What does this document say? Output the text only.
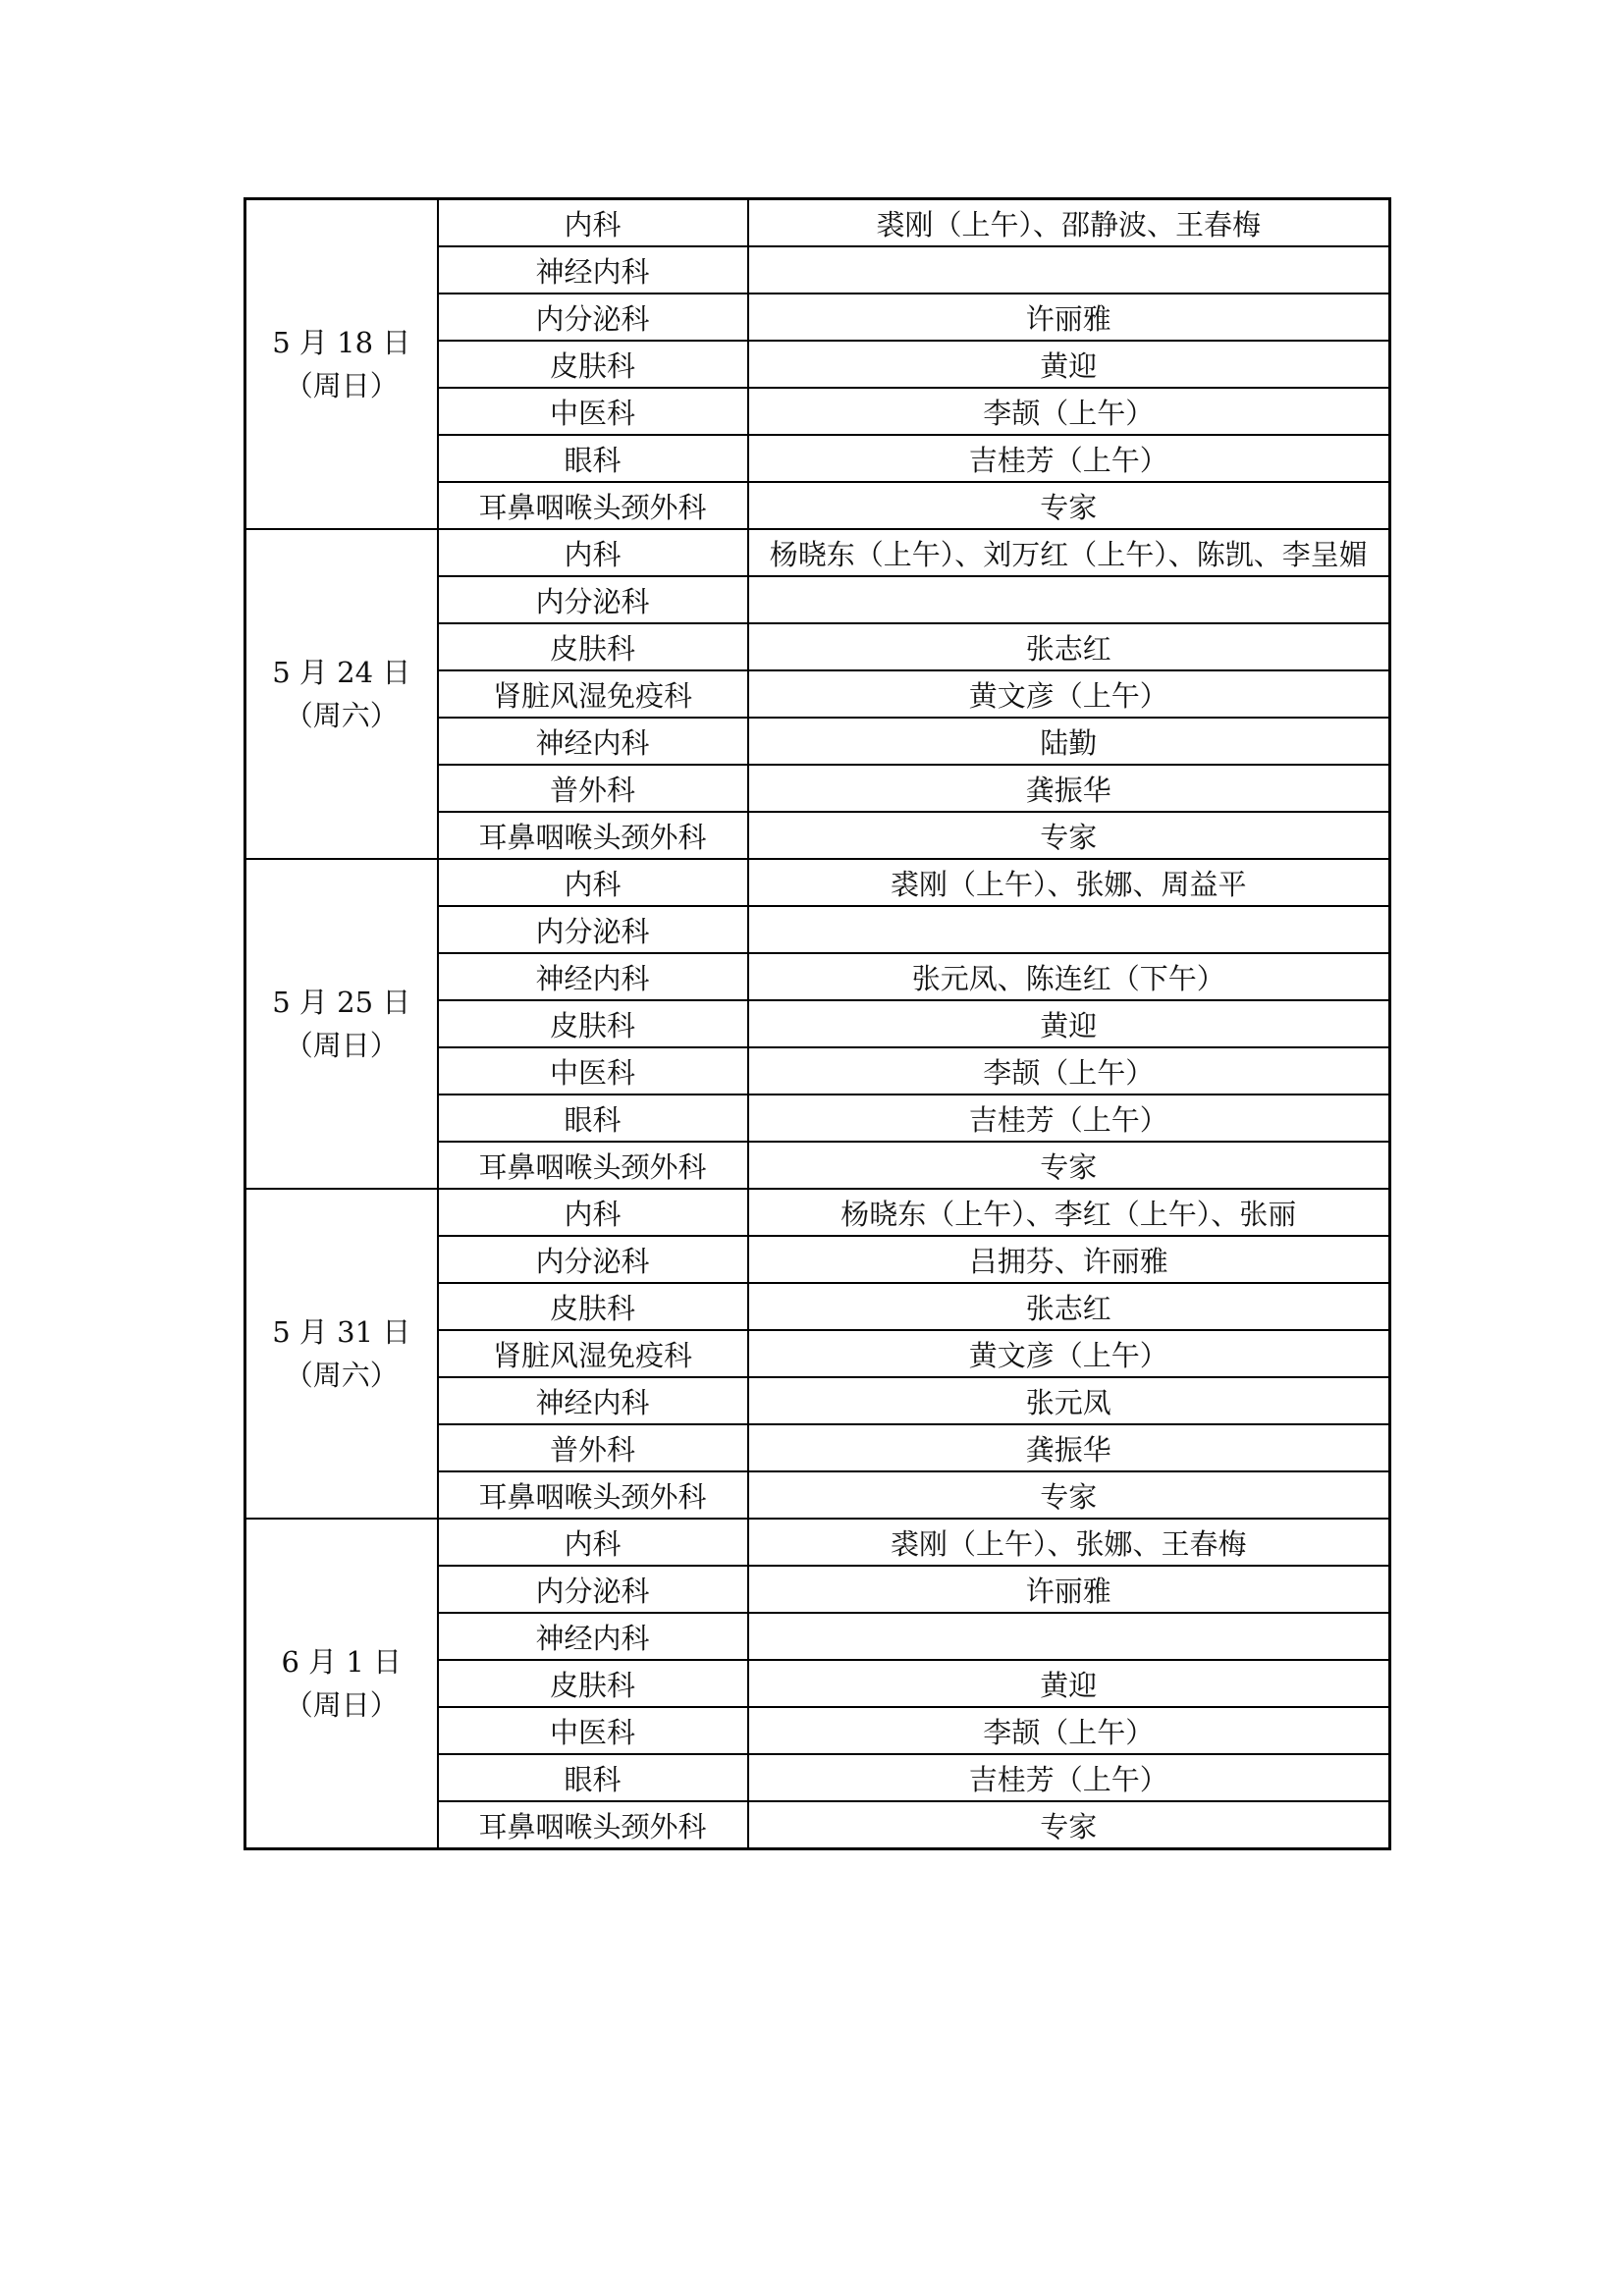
5 月 18 日
（周日）	内科	裘刚（上午）、邵静波、王春梅
	神经内科	
	内分泌科	许丽雅
	皮肤科	黄迎
	中医科	李颉（上午）
	眼科	吉桂芳（上午）
	耳鼻咽喉头颈外科	专家

5 月 24 日
（周六）	内科	杨晓东（上午）、刘万红（上午）、陈凯、李呈媚
	内分泌科	
	皮肤科	张志红
	肾脏风湿免疫科	黄文彦（上午）
	神经内科	陆勤
	普外科	龚振华
	耳鼻咽喉头颈外科	专家

5 月 25 日
（周日）	内科	裘刚（上午）、张娜、周益平
	内分泌科	
	神经内科	张元凤、陈连红（下午）
	皮肤科	黄迎
	中医科	李颉（上午）
	眼科	吉桂芳（上午）
	耳鼻咽喉头颈外科	专家

5 月 31 日
（周六）	内科	杨晓东（上午）、李红（上午）、张丽
	内分泌科	吕拥芬、许丽雅
	皮肤科	张志红
	肾脏风湿免疫科	黄文彦（上午）
	神经内科	张元凤
	普外科	龚振华
	耳鼻咽喉头颈外科	专家

6 月 1 日
（周日）	内科	裘刚（上午）、张娜、王春梅
	内分泌科	许丽雅
	神经内科	
	皮肤科	黄迎
	中医科	李颉（上午）
	眼科	吉桂芳（上午）
	耳鼻咽喉头颈外科	专家
